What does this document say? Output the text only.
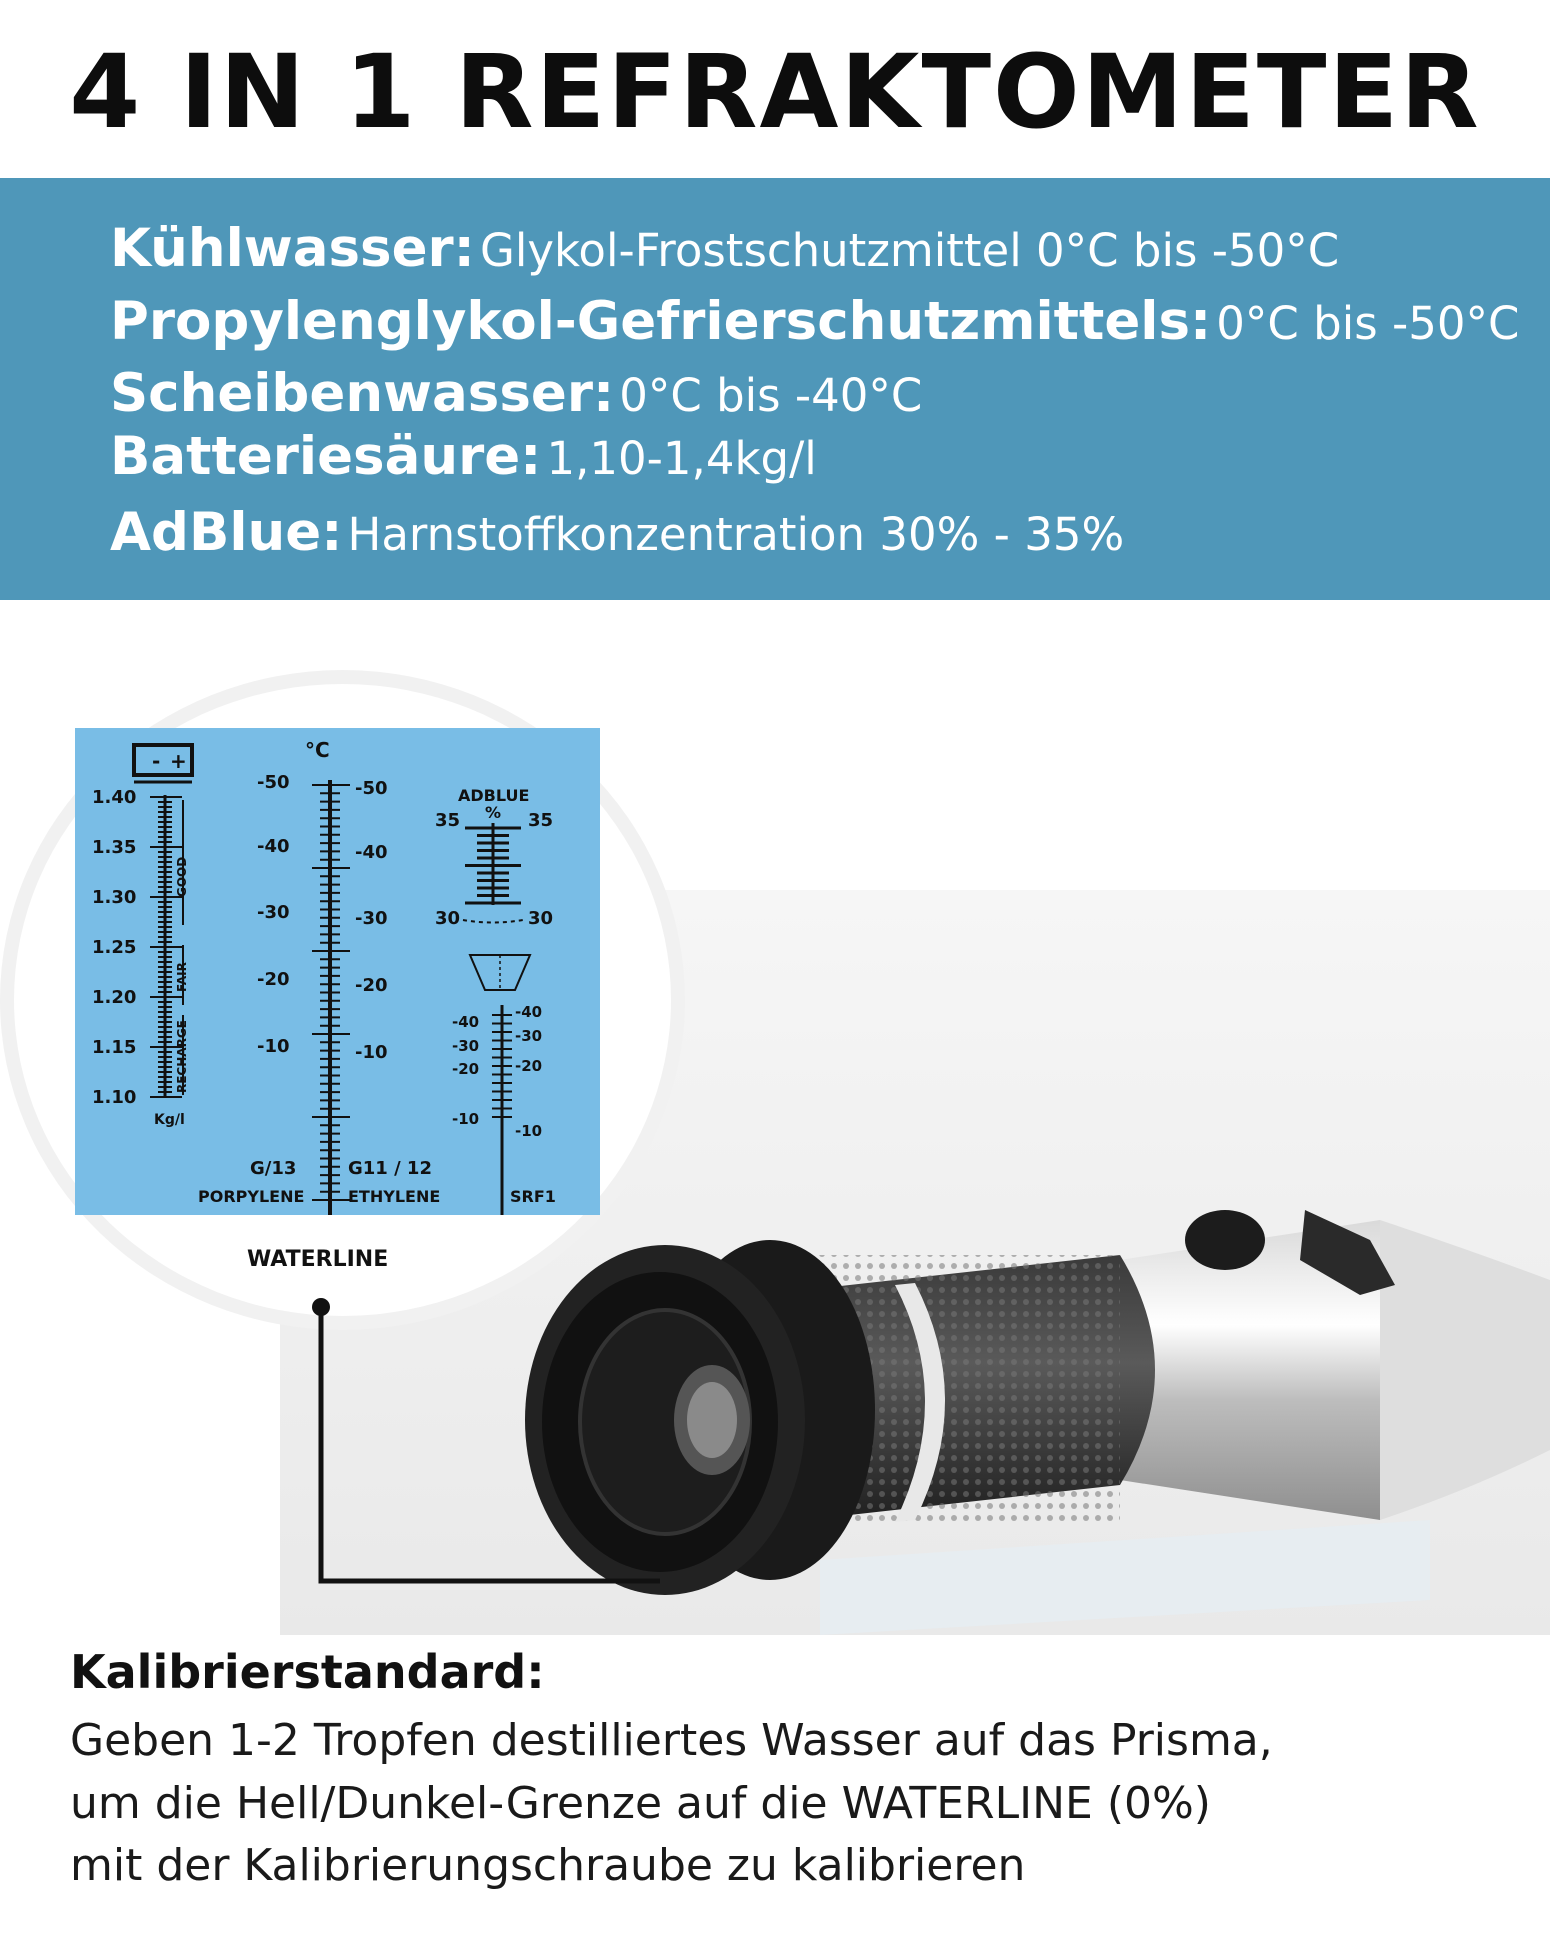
4 IN 1 REFRAKTOMETER
Kühlwasser: Glykol-Frostschutzmittel 0°C bis -50°C
Propylenglykol-Gefrierschutzmittels: 0°C bis -50°C
Scheibenwasser: 0°C bis -40°C
Batteriesäure: 1,10-1,4kg/l
AdBlue: Harnstoffkonzentration 30% - 35%
- +
1.40
1.35
1.30
1.25
1.20
1.15
1.10
Kg/l
GOOD
FAIR
RECHARGE
°C
-50
-40
-30
-20
-10
-50
-40
-30
-20
-10
G/13	G11 / 12
PORPYLENE	ETHYLENE
ADBLUE
%
35	35
30	30
-40
-30
-20
-10
-40
-30
-20
-10
SRF1
WATERLINE
Kalibrierstandard:
Geben 1-2 Tropfen destilliertes Wasser auf das Prisma,
um die Hell/Dunkel-Grenze auf die WATERLINE (0%)
mit der Kalibrierungschraube zu kalibrieren
